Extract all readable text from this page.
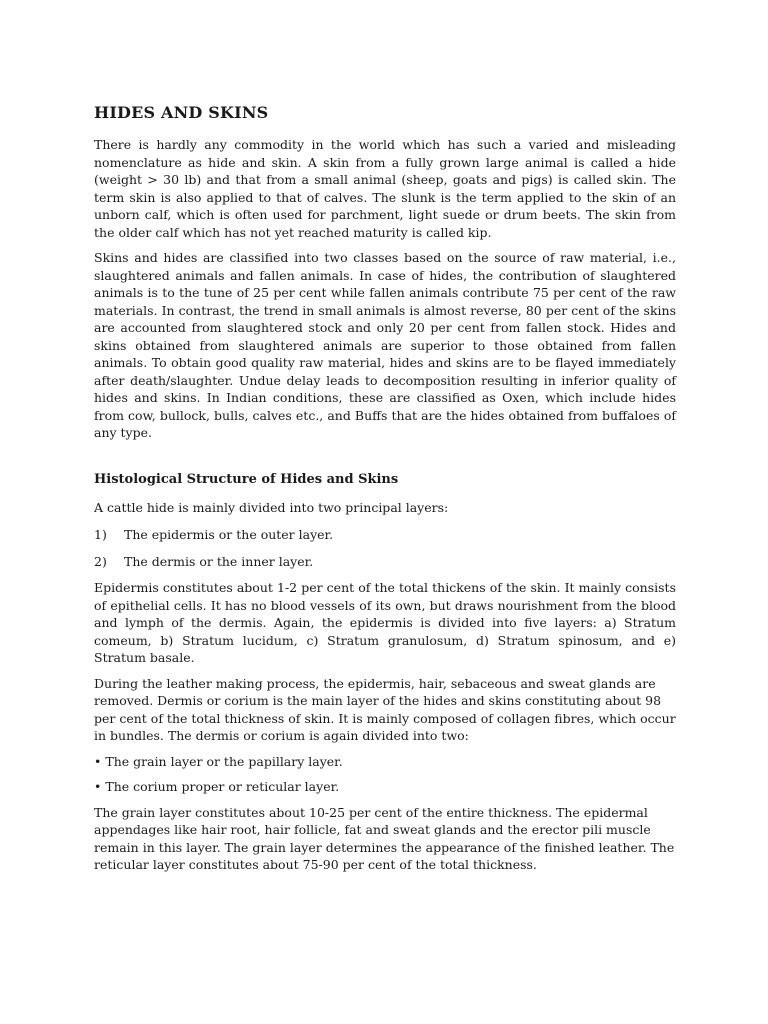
HIDES AND SKINS

There is hardly any commodity in the world which has such a varied and misleading nomenclature as hide and skin. A skin from a fully grown large animal is called a hide (weight > 30 lb) and that from a small animal (sheep, goats and pigs) is called skin. The term skin is also applied to that of calves. The slunk is the term applied to the skin of an unborn calf, which is often used for parchment, light suede or drum beets. The skin from the older calf which has not yet reached maturity is called kip.

Skins and hides are classified into two classes based on the source of raw material, i.e., slaughtered animals and fallen animals. In case of hides, the contribution of slaughtered animals is to the tune of 25 per cent while fallen animals contribute 75 per cent of the raw materials. In contrast, the trend in small animals is almost reverse, 80 per cent of the skins are accounted from slaughtered stock and only 20 per cent from fallen stock. Hides and skins obtained from slaughtered animals are superior to those obtained from fallen animals. To obtain good quality raw material, hides and skins are to be flayed immediately after death/slaughter. Undue delay leads to decomposition resulting in inferior quality of hides and skins. In Indian conditions, these are classified as Oxen, which include hides from cow, bullock, bulls, calves etc., and Buffs that are the hides obtained from buffaloes of any type.

Histological Structure of Hides and Skins

A cattle hide is mainly divided into two principal layers:

1)	The epidermis or the outer layer.
2)	The dermis or the inner layer.

Epidermis constitutes about 1-2 per cent of the total thickens of the skin. It mainly consists of epithelial cells. It has no blood vessels of its own, but draws nourishment from the blood and lymph of the dermis. Again, the epidermis is divided into five layers: a) Stratum comeum, b) Stratum lucidum, c) Stratum granulosum, d) Stratum spinosum, and e) Stratum basale.

During the leather making process, the epidermis, hair, sebaceous and sweat glands are removed. Dermis or corium is the main layer of the hides and skins constituting about 98 per cent of the total thickness of skin. It is mainly composed of collagen fibres, which occur in bundles. The dermis or corium is again divided into two:

• The grain layer or the papillary layer.
• The corium proper or reticular layer.

The grain layer constitutes about 10-25 per cent of the entire thickness. The epidermal appendages like hair root, hair follicle, fat and sweat glands and the erector pili muscle remain in this layer. The grain layer determines the appearance of the finished leather. The reticular layer constitutes about 75-90 per cent of the total thickness.
